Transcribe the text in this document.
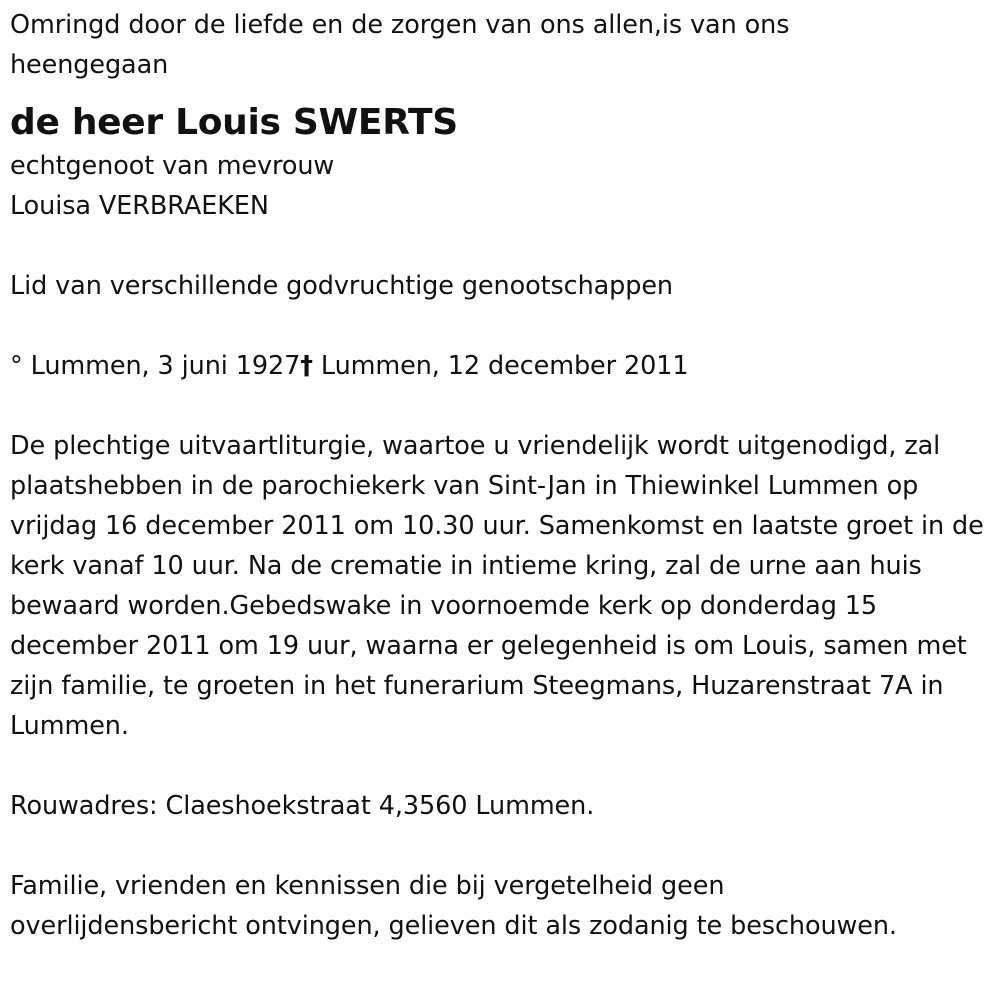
Omringd door de liefde en de zorgen van ons allen,is van ons heengegaan

de heer Louis SWERTS

echtgenoot van mevrouw

Louisa VERBRAEKEN

Lid van verschillende godvruchtige genootschappen

° Lummen, 3 juni 1927† Lummen, 12 december 2011

De plechtige uitvaartliturgie, waartoe u vriendelijk wordt uitgenodigd, zal plaatshebben in de parochiekerk van Sint-Jan in Thiewinkel Lummen op vrijdag 16 december 2011 om 10.30 uur. Samenkomst en laatste groet in de kerk vanaf 10 uur. Na de crematie in intieme kring, zal de urne aan huis bewaard worden.Gebedswake in voornoemde kerk op donderdag 15 december 2011 om 19 uur, waarna er gelegenheid is om Louis, samen met zijn familie, te groeten in het funerarium Steegmans, Huzarenstraat 7A in Lummen.

Rouwadres: Claeshoekstraat 4,3560 Lummen.

Familie, vrienden en kennissen die bij vergetelheid geen overlijdensbericht ontvingen, gelieven dit als zodanig te beschouwen.
